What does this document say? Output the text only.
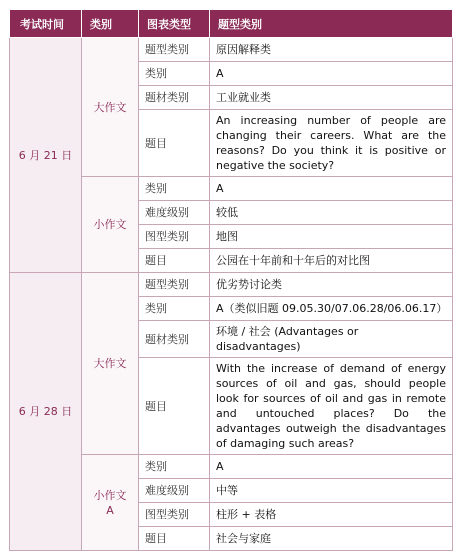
考试时间	类别	图表类型	题型类别
6 月 21 日	大作文	题型类别	原因解释类
		类别	A
		题材类别	工业就业类
		题目	An increasing number of people are changing their careers. What are the reasons? Do you think it is positive or negative the society?
	小作文	类别	A
		难度级别	较低
		图型类别	地图
		题目	公园在十年前和十年后的对比图
6 月 28 日	大作文	题型类别	优劣势讨论类
		类别	A（类似旧题 09.05.30/07.06.28/06.06.17）
		题材类别	环境 / 社会 (Advantages or disadvantages)
		题目	With the increase of demand of energy sources of oil and gas, should people look for sources of oil and gas in remote and untouched places? Do the advantages outweigh the disadvantages of damaging such areas?
	小作文 A	类别	A
		难度级别	中等
		图型类别	柱形 + 表格
		题目	社会与家庭
